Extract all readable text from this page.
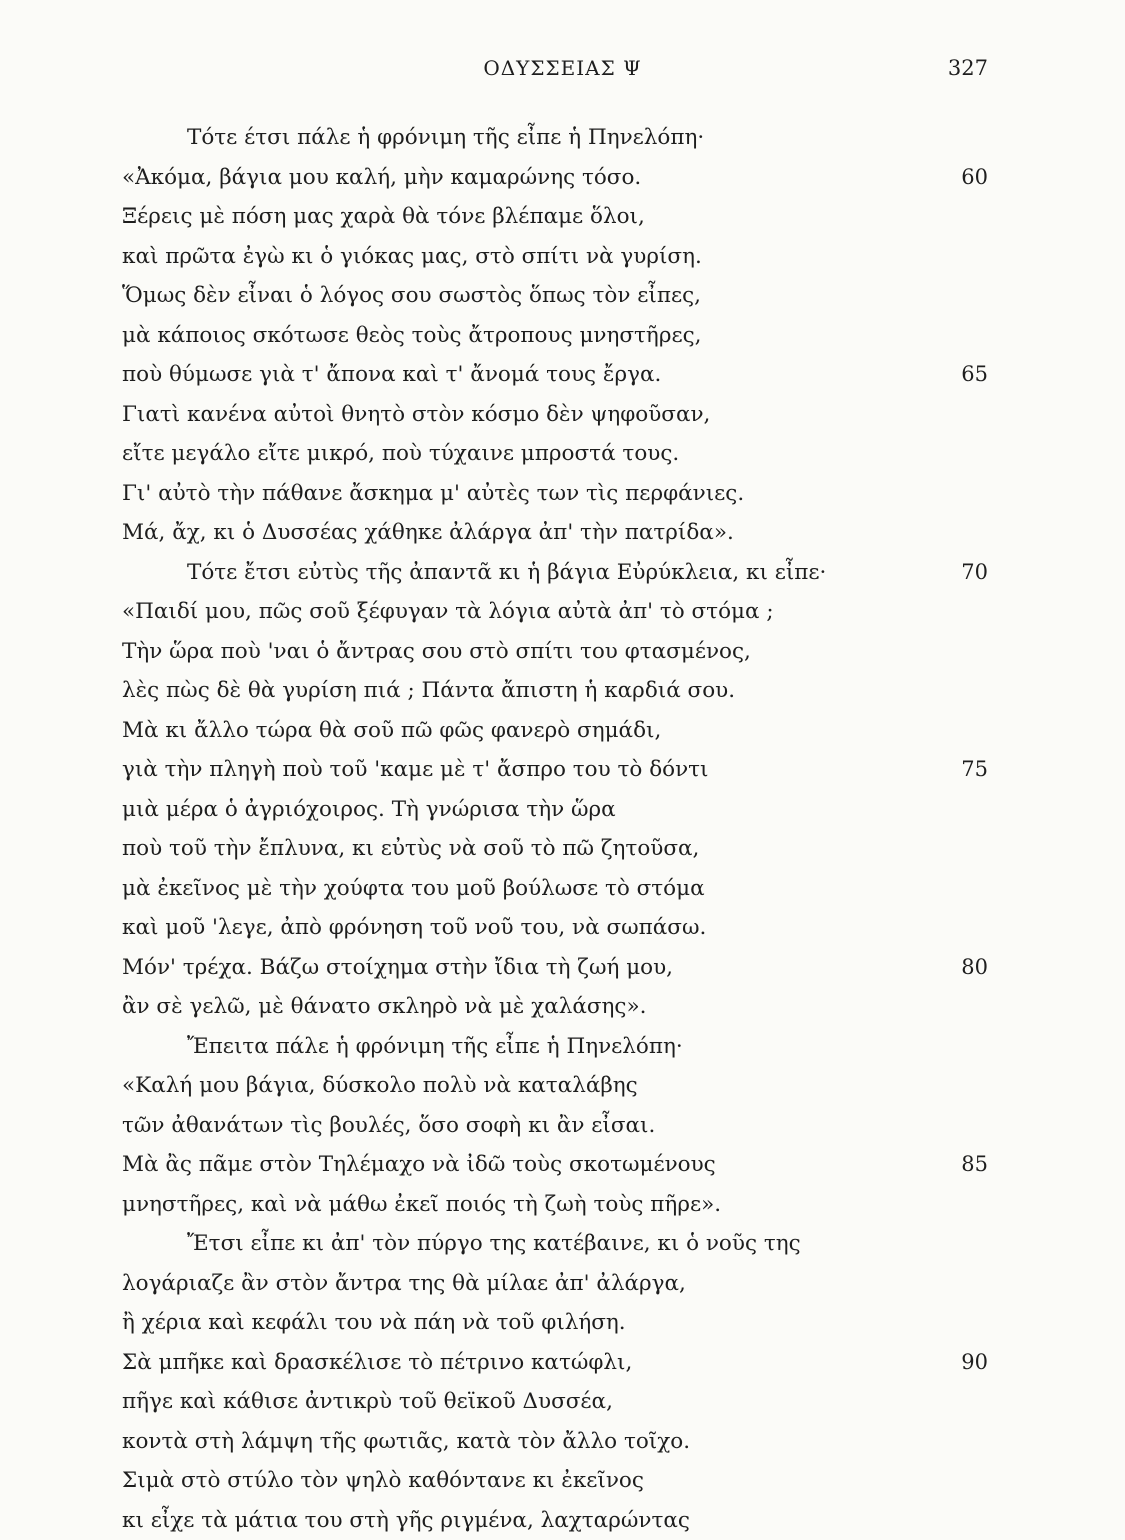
ΟΔΥΣΣΕΙΑΣ Ψ	327
Τότε έτσι πάλε ἡ φρόνιμη τῆς εἶπε ἡ Πηνελόπη·
«Ἀκόμα, βάγια μου καλή, μὴν καμαρώνης τόσο.	60
Ξέρεις μὲ πόση μας χαρὰ θὰ τόνε βλέπαμε ὅλοι,
καὶ πρῶτα ἐγὼ κι ὁ γιόκας μας, στὸ σπίτι νὰ γυρίση.
Ὅμως δὲν εἶναι ὁ λόγος σου σωστὸς ὅπως τὸν εἶπες,
μὰ κάποιος σκότωσε θεὸς τοὺς ἄτροπους μνηστῆρες,
ποὺ θύμωσε γιὰ τ' ἄπονα καὶ τ' ἄνομά τους ἔργα.	65
Γιατὶ κανένα αὐτοὶ θνητὸ στὸν κόσμο δὲν ψηφοῦσαν,
εἴτε μεγάλο εἴτε μικρό, ποὺ τύχαινε μπροστά τους.
Γι' αὐτὸ τὴν πάθανε ἄσκημα μ' αὐτὲς των τὶς περφάνιες.
Μά, ἄχ, κι ὁ Δυσσέας χάθηκε ἀλάργα ἀπ' τὴν πατρίδα».
Τότε ἔτσι εὐτὺς τῆς ἀπαντᾶ κι ἡ βάγια Εὐρύκλεια, κι εἶπε·	70
«Παιδί μου, πῶς σοῦ ξέφυγαν τὰ λόγια αὐτὰ ἀπ' τὸ στόμα ;
Τὴν ὥρα ποὺ 'ναι ὁ ἄντρας σου στὸ σπίτι του φτασμένος,
λὲς πὼς δὲ θὰ γυρίση πιά ; Πάντα ἄπιστη ἡ καρδιά σου.
Μὰ κι ἄλλο τώρα θὰ σοῦ πῶ φῶς φανερὸ σημάδι,
γιὰ τὴν πληγὴ ποὺ τοῦ 'καμε μὲ τ' ἄσπρο του τὸ δόντι	75
μιὰ μέρα ὁ ἀγριόχοιρος. Τὴ γνώρισα τὴν ὥρα
ποὺ τοῦ τὴν ἔπλυνα, κι εὐτὺς νὰ σοῦ τὸ πῶ ζητοῦσα,
μὰ ἐκεῖνος μὲ τὴν χούφτα του μοῦ βούλωσε τὸ στόμα
καὶ μοῦ 'λεγε, ἀπὸ φρόνηση τοῦ νοῦ του, νὰ σωπάσω.
Μόν' τρέχα. Βάζω στοίχημα στὴν ἴδια τὴ ζωή μου,	80
ἂν σὲ γελῶ, μὲ θάνατο σκληρὸ νὰ μὲ χαλάσης».
Ἔπειτα πάλε ἡ φρόνιμη τῆς εἶπε ἡ Πηνελόπη·
«Καλή μου βάγια, δύσκολο πολὺ νὰ καταλάβης
τῶν ἀθανάτων τὶς βουλές, ὅσο σοφὴ κι ἂν εἶσαι.
Μὰ ἂς πᾶμε στὸν Τηλέμαχο νὰ ἰδῶ τοὺς σκοτωμένους	85
μνηστῆρες, καὶ νὰ μάθω ἐκεῖ ποιός τὴ ζωὴ τοὺς πῆρε».
Ἔτσι εἶπε κι ἀπ' τὸν πύργο της κατέβαινε, κι ὁ νοῦς της
λογάριαζε ἂν στὸν ἄντρα της θὰ μίλαε ἀπ' ἀλάργα,
ἢ χέρια καὶ κεφάλι του νὰ πάη νὰ τοῦ φιλήση.
Σὰ μπῆκε καὶ δρασκέλισε τὸ πέτρινο κατώφλι,	90
πῆγε καὶ κάθισε ἀντικρὺ τοῦ θεϊκοῦ Δυσσέα,
κοντὰ στὴ λάμψη τῆς φωτιᾶς, κατὰ τὸν ἄλλο τοῖχο.
Σιμὰ στὸ στύλο τὸν ψηλὸ καθόντανε κι ἐκεῖνος
κι εἶχε τὰ μάτια του στὴ γῆς ριγμένα, λαχταρώντας
